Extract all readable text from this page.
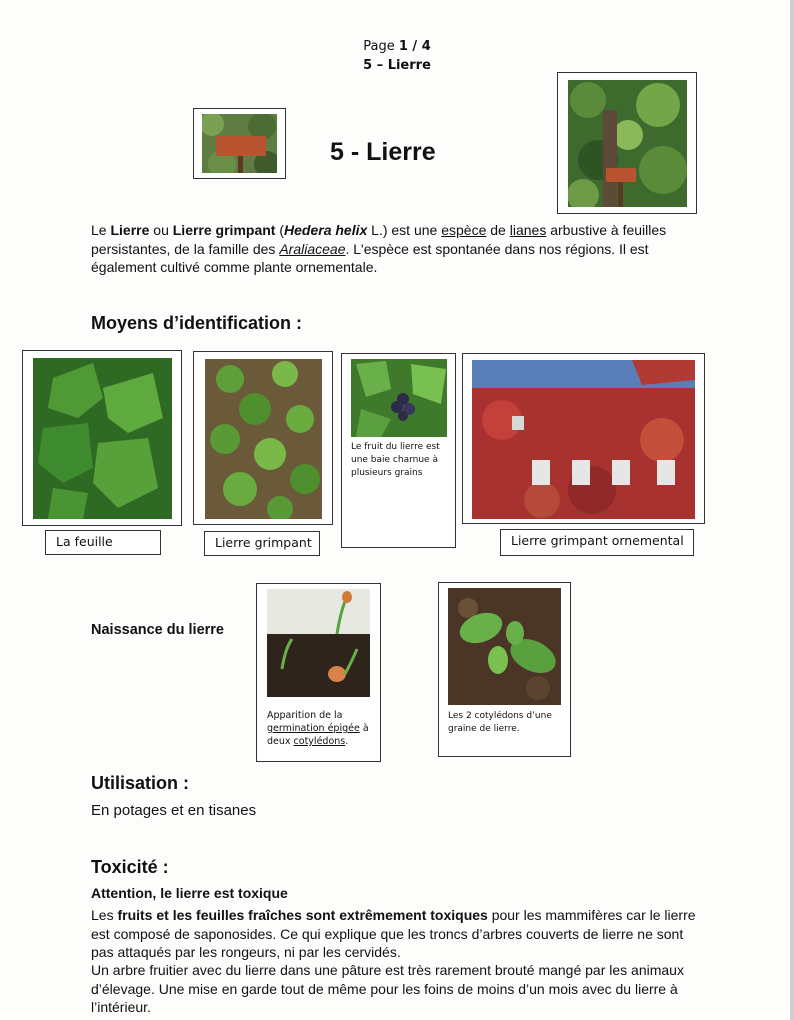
Page 1 / 4
5 – Lierre
5 - Lierre
Le Lierre ou Lierre grimpant (Hedera helix L.) est une espèce de lianes arbustive à feuilles persistantes, de la famille des Araliaceae. L'espèce est spontanée dans nos régions. Il est également cultivé comme plante ornementale.
Moyens d’identification :
La feuille	Lierre grimpant
Le fruit du lierre est une baie charnue à plusieurs grains
Lierre grimpant ornemental
Naissance du lierre
Apparition de la germination épigée à deux cotylédons.
Les 2 cotylédons d’une graine de lierre.
Utilisation :
En potages et en tisanes
Toxicité :
Attention, le lierre est toxique
Les fruits et les feuilles fraîches sont extrêmement toxiques pour les mammifères car le lierre est composé de saponosides. Ce qui explique que les troncs d’arbres couverts de lierre ne sont pas attaqués par les rongeurs, ni par les cervidés.
Un arbre fruitier avec du lierre dans une pâture est très rarement brouté mangé par les animaux d’élevage. Une mise en garde tout de même pour les foins de moins d’un mois avec du lierre à l’intérieur.
